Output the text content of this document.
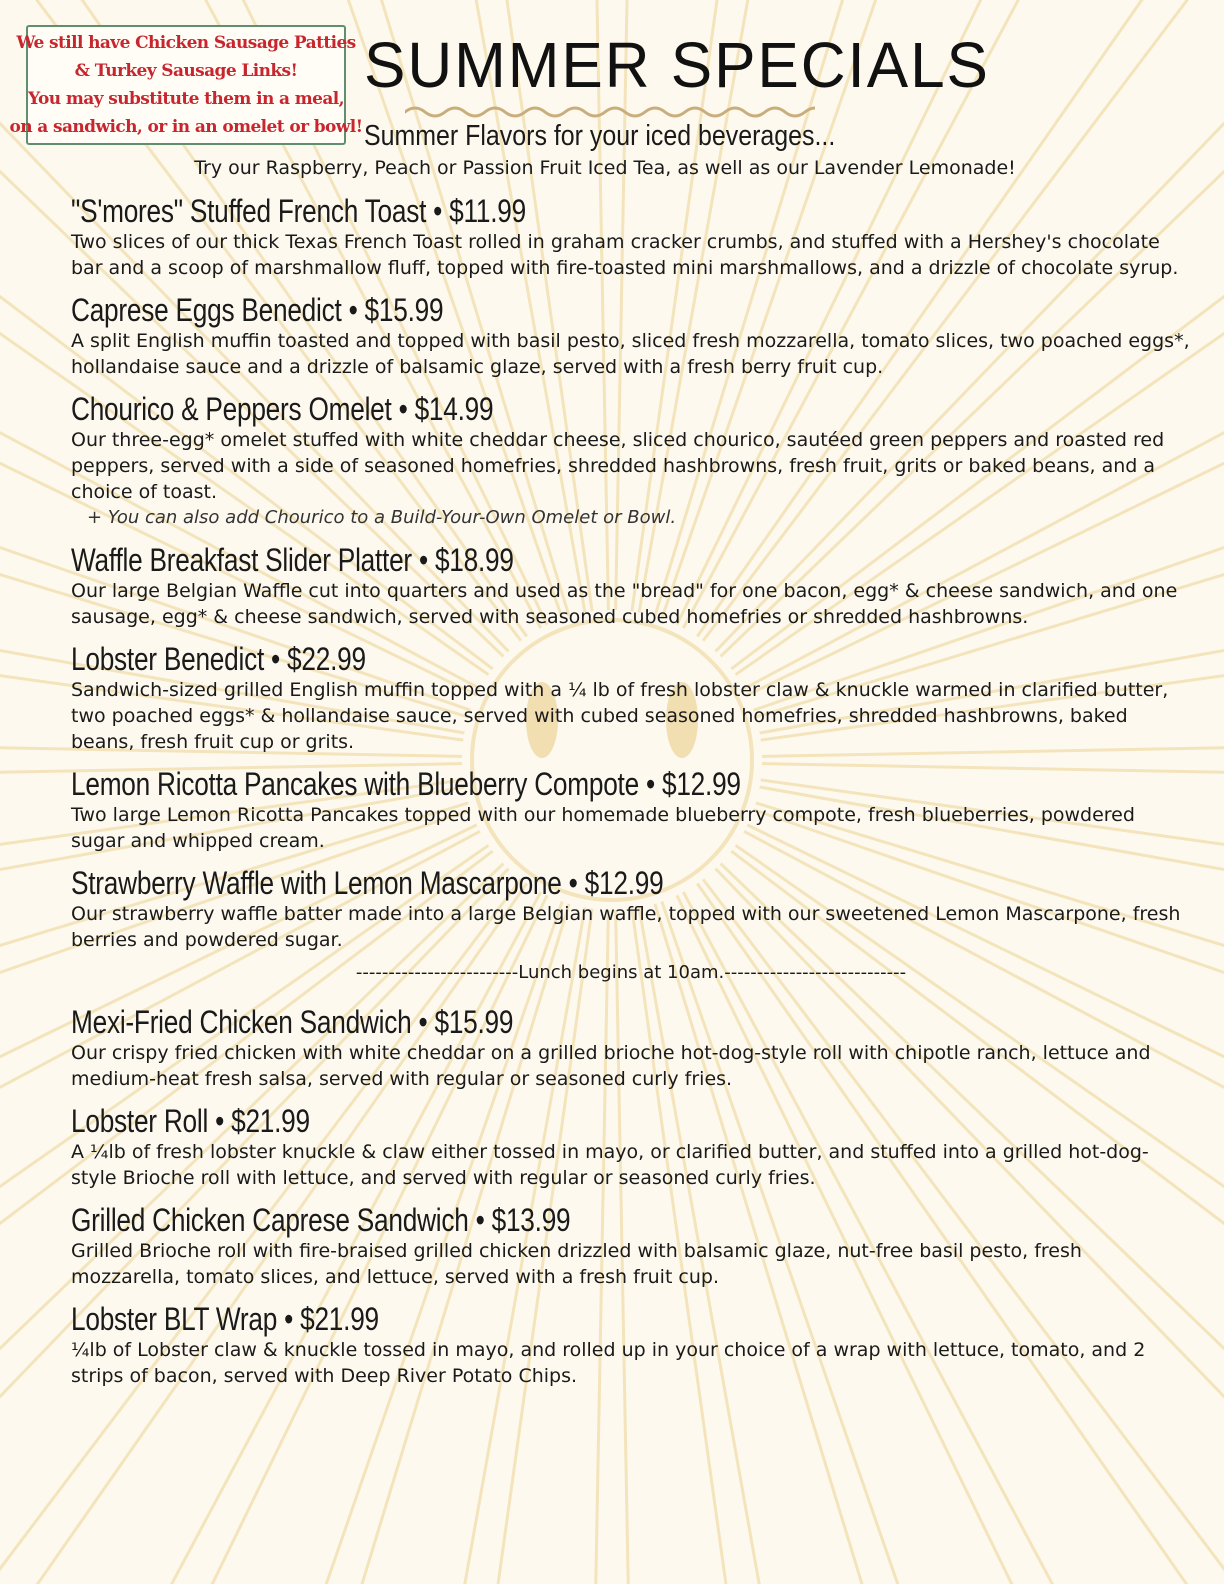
We still have Chicken Sausage Patties
& Turkey Sausage Links!
You may substitute them in a meal,
on a sandwich, or in an omelet or bowl!
SUMMER SPECIALS
Summer Flavors for your iced beverages...
Try our Raspberry, Peach or Passion Fruit Iced Tea, as well as our Lavender Lemonade!
"S'mores" Stuffed French Toast • $11.99
Two slices of our thick Texas French Toast rolled in graham cracker crumbs, and stuffed with a Hershey's chocolate bar and a scoop of marshmallow fluff, topped with fire-toasted mini marshmallows, and a drizzle of chocolate syrup.
Caprese Eggs Benedict • $15.99
A split English muffin toasted and topped with basil pesto, sliced fresh mozzarella, tomato slices, two poached eggs*, hollandaise sauce and a drizzle of balsamic glaze, served with a fresh berry fruit cup.
Chourico & Peppers Omelet • $14.99
Our three-egg* omelet stuffed with white cheddar cheese, sliced chourico, sautéed green peppers and roasted red peppers, served with a side of seasoned homefries, shredded hashbrowns, fresh fruit, grits or baked beans, and a choice of toast.
+ You can also add Chourico to a Build-Your-Own Omelet or Bowl.
Waffle Breakfast Slider Platter • $18.99
Our large Belgian Waffle cut into quarters and used as the "bread" for one bacon, egg* & cheese sandwich, and one sausage, egg* & cheese sandwich, served with seasoned cubed homefries or shredded hashbrowns.
Lobster Benedict • $22.99
Sandwich-sized grilled English muffin topped with a ¼ lb of fresh lobster claw & knuckle warmed in clarified butter, two poached eggs* & hollandaise sauce, served with cubed seasoned homefries, shredded hashbrowns, baked beans, fresh fruit cup or grits.
Lemon Ricotta Pancakes with Blueberry Compote • $12.99
Two large Lemon Ricotta Pancakes topped with our homemade blueberry compote, fresh blueberries, powdered sugar and whipped cream.
Strawberry Waffle with Lemon Mascarpone • $12.99
Our strawberry waffle batter made into a large Belgian waffle, topped with our sweetened Lemon Mascarpone, fresh berries and powdered sugar.
-------------------------Lunch begins at 10am.----------------------------
Mexi-Fried Chicken Sandwich • $15.99
Our crispy fried chicken with white cheddar on a grilled brioche hot-dog-style roll with chipotle ranch, lettuce and medium-heat fresh salsa, served with regular or seasoned curly fries.
Lobster Roll • $21.99
A ¼lb of fresh lobster knuckle & claw either tossed in mayo, or clarified butter, and stuffed into a grilled hot-dog-style Brioche roll with lettuce, and served with regular or seasoned curly fries.
Grilled Chicken Caprese Sandwich • $13.99
Grilled Brioche roll with fire-braised grilled chicken drizzled with balsamic glaze, nut-free basil pesto, fresh mozzarella, tomato slices, and lettuce, served with a fresh fruit cup.
Lobster BLT Wrap • $21.99
¼lb of Lobster claw & knuckle tossed in mayo, and rolled up in your choice of a wrap with lettuce, tomato, and 2 strips of bacon, served with Deep River Potato Chips.
